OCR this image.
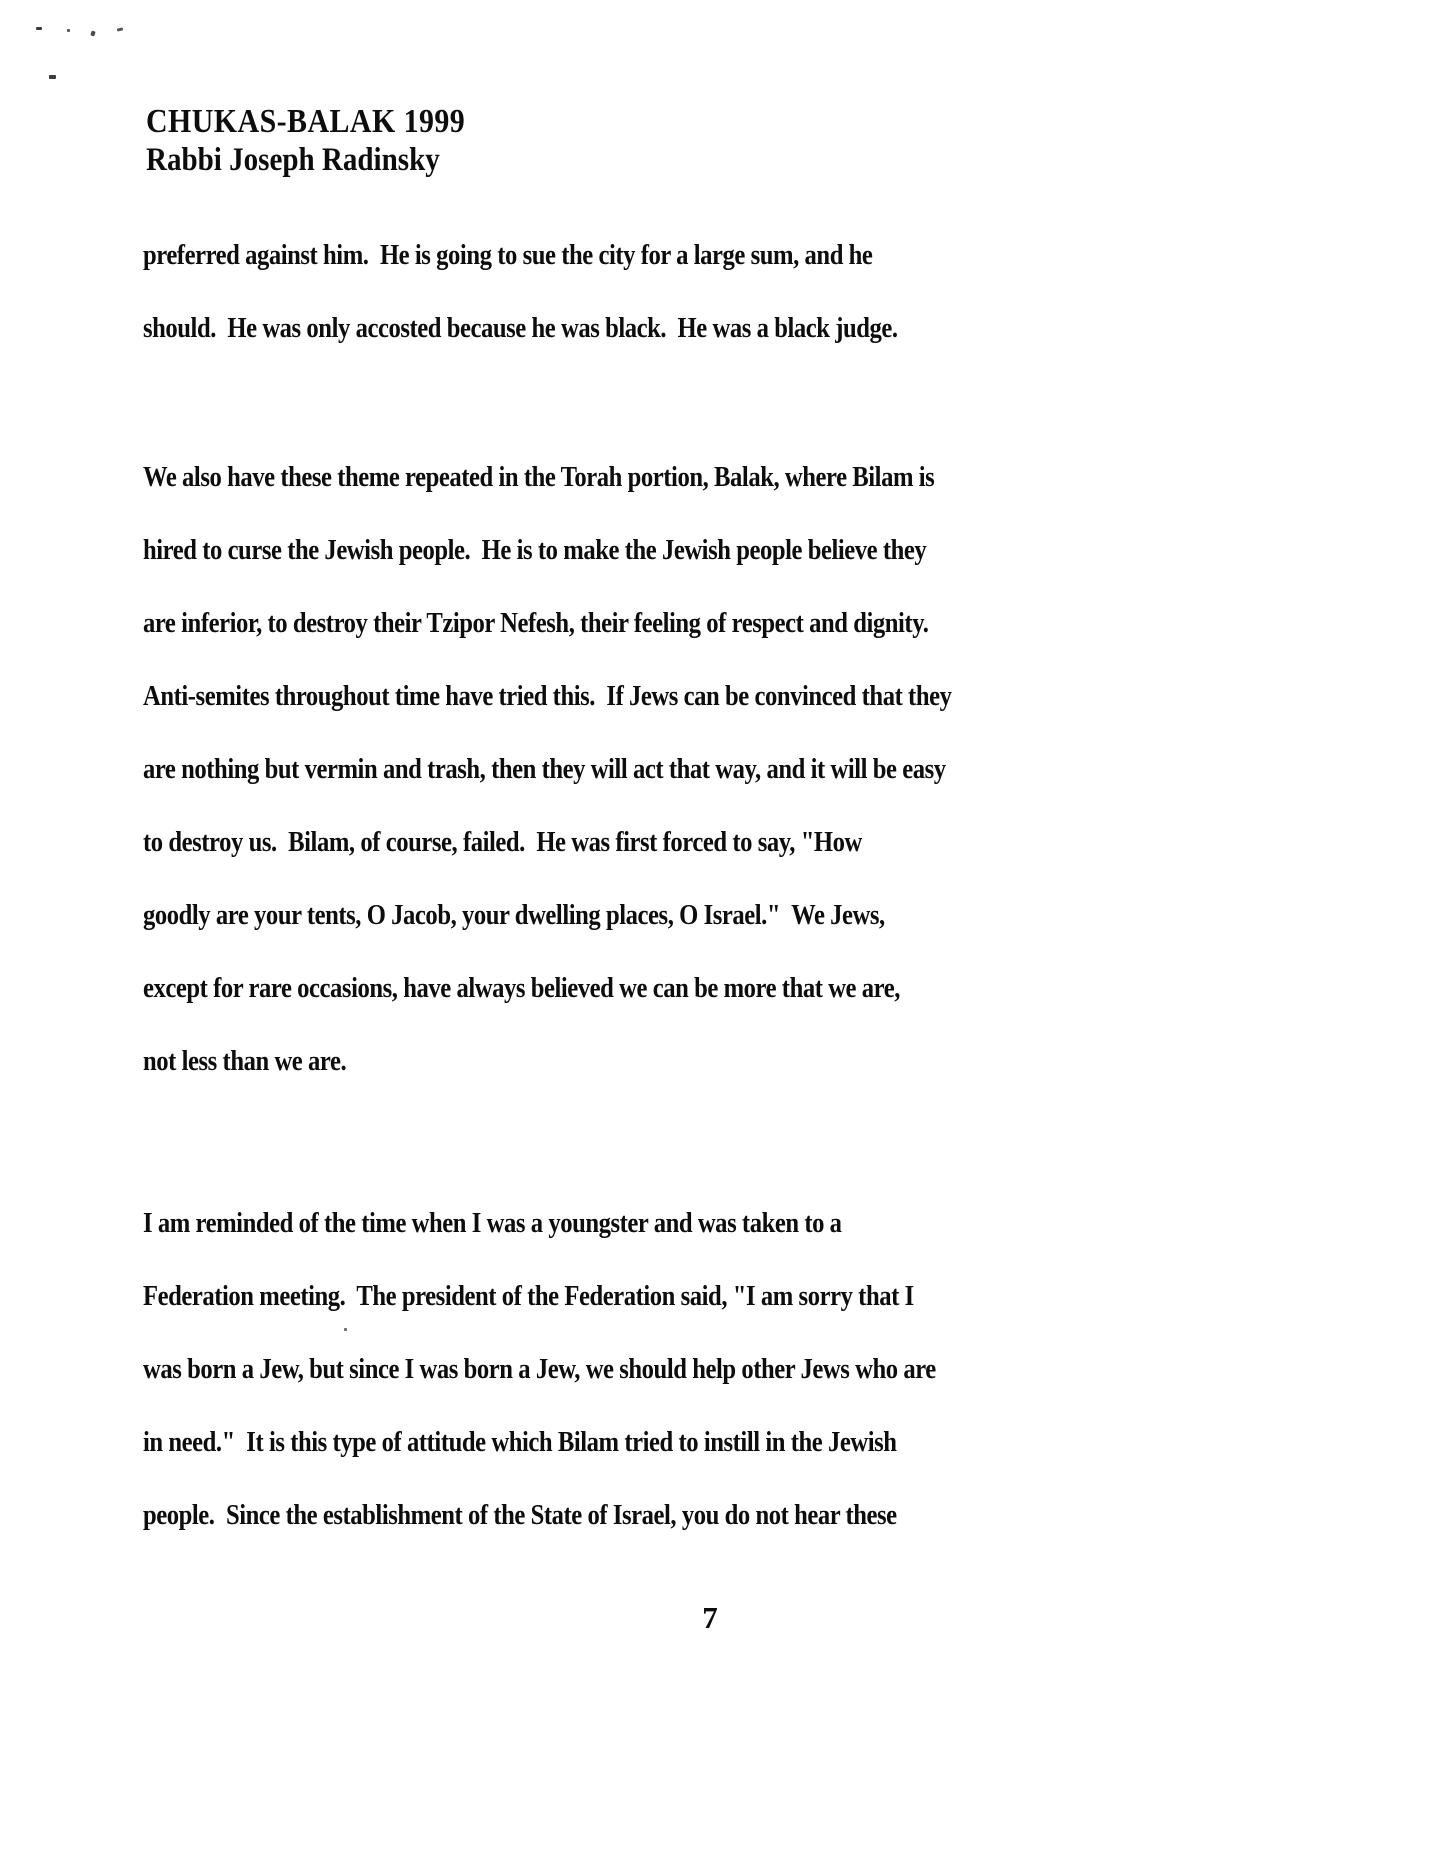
CHUKAS-BALAK 1999
Rabbi Joseph Radinsky
preferred against him.  He is going to sue the city for a large sum, and he
should.  He was only accosted because he was black.  He was a black judge.
We also have these theme repeated in the Torah portion, Balak, where Bilam is
hired to curse the Jewish people.  He is to make the Jewish people believe they
are inferior, to destroy their Tzipor Nefesh, their feeling of respect and dignity.
Anti-semites throughout time have tried this.  If Jews can be convinced that they
are nothing but vermin and trash, then they will act that way, and it will be easy
to destroy us.  Bilam, of course, failed.  He was first forced to say, "How
goodly are your tents, O Jacob, your dwelling places, O Israel."  We Jews,
except for rare occasions, have always believed we can be more that we are,
not less than we are.
I am reminded of the time when I was a youngster and was taken to a
Federation meeting.  The president of the Federation said, "I am sorry that I
was born a Jew, but since I was born a Jew, we should help other Jews who are
in need."  It is this type of attitude which Bilam tried to instill in the Jewish
people.  Since the establishment of the State of Israel, you do not hear these
7
